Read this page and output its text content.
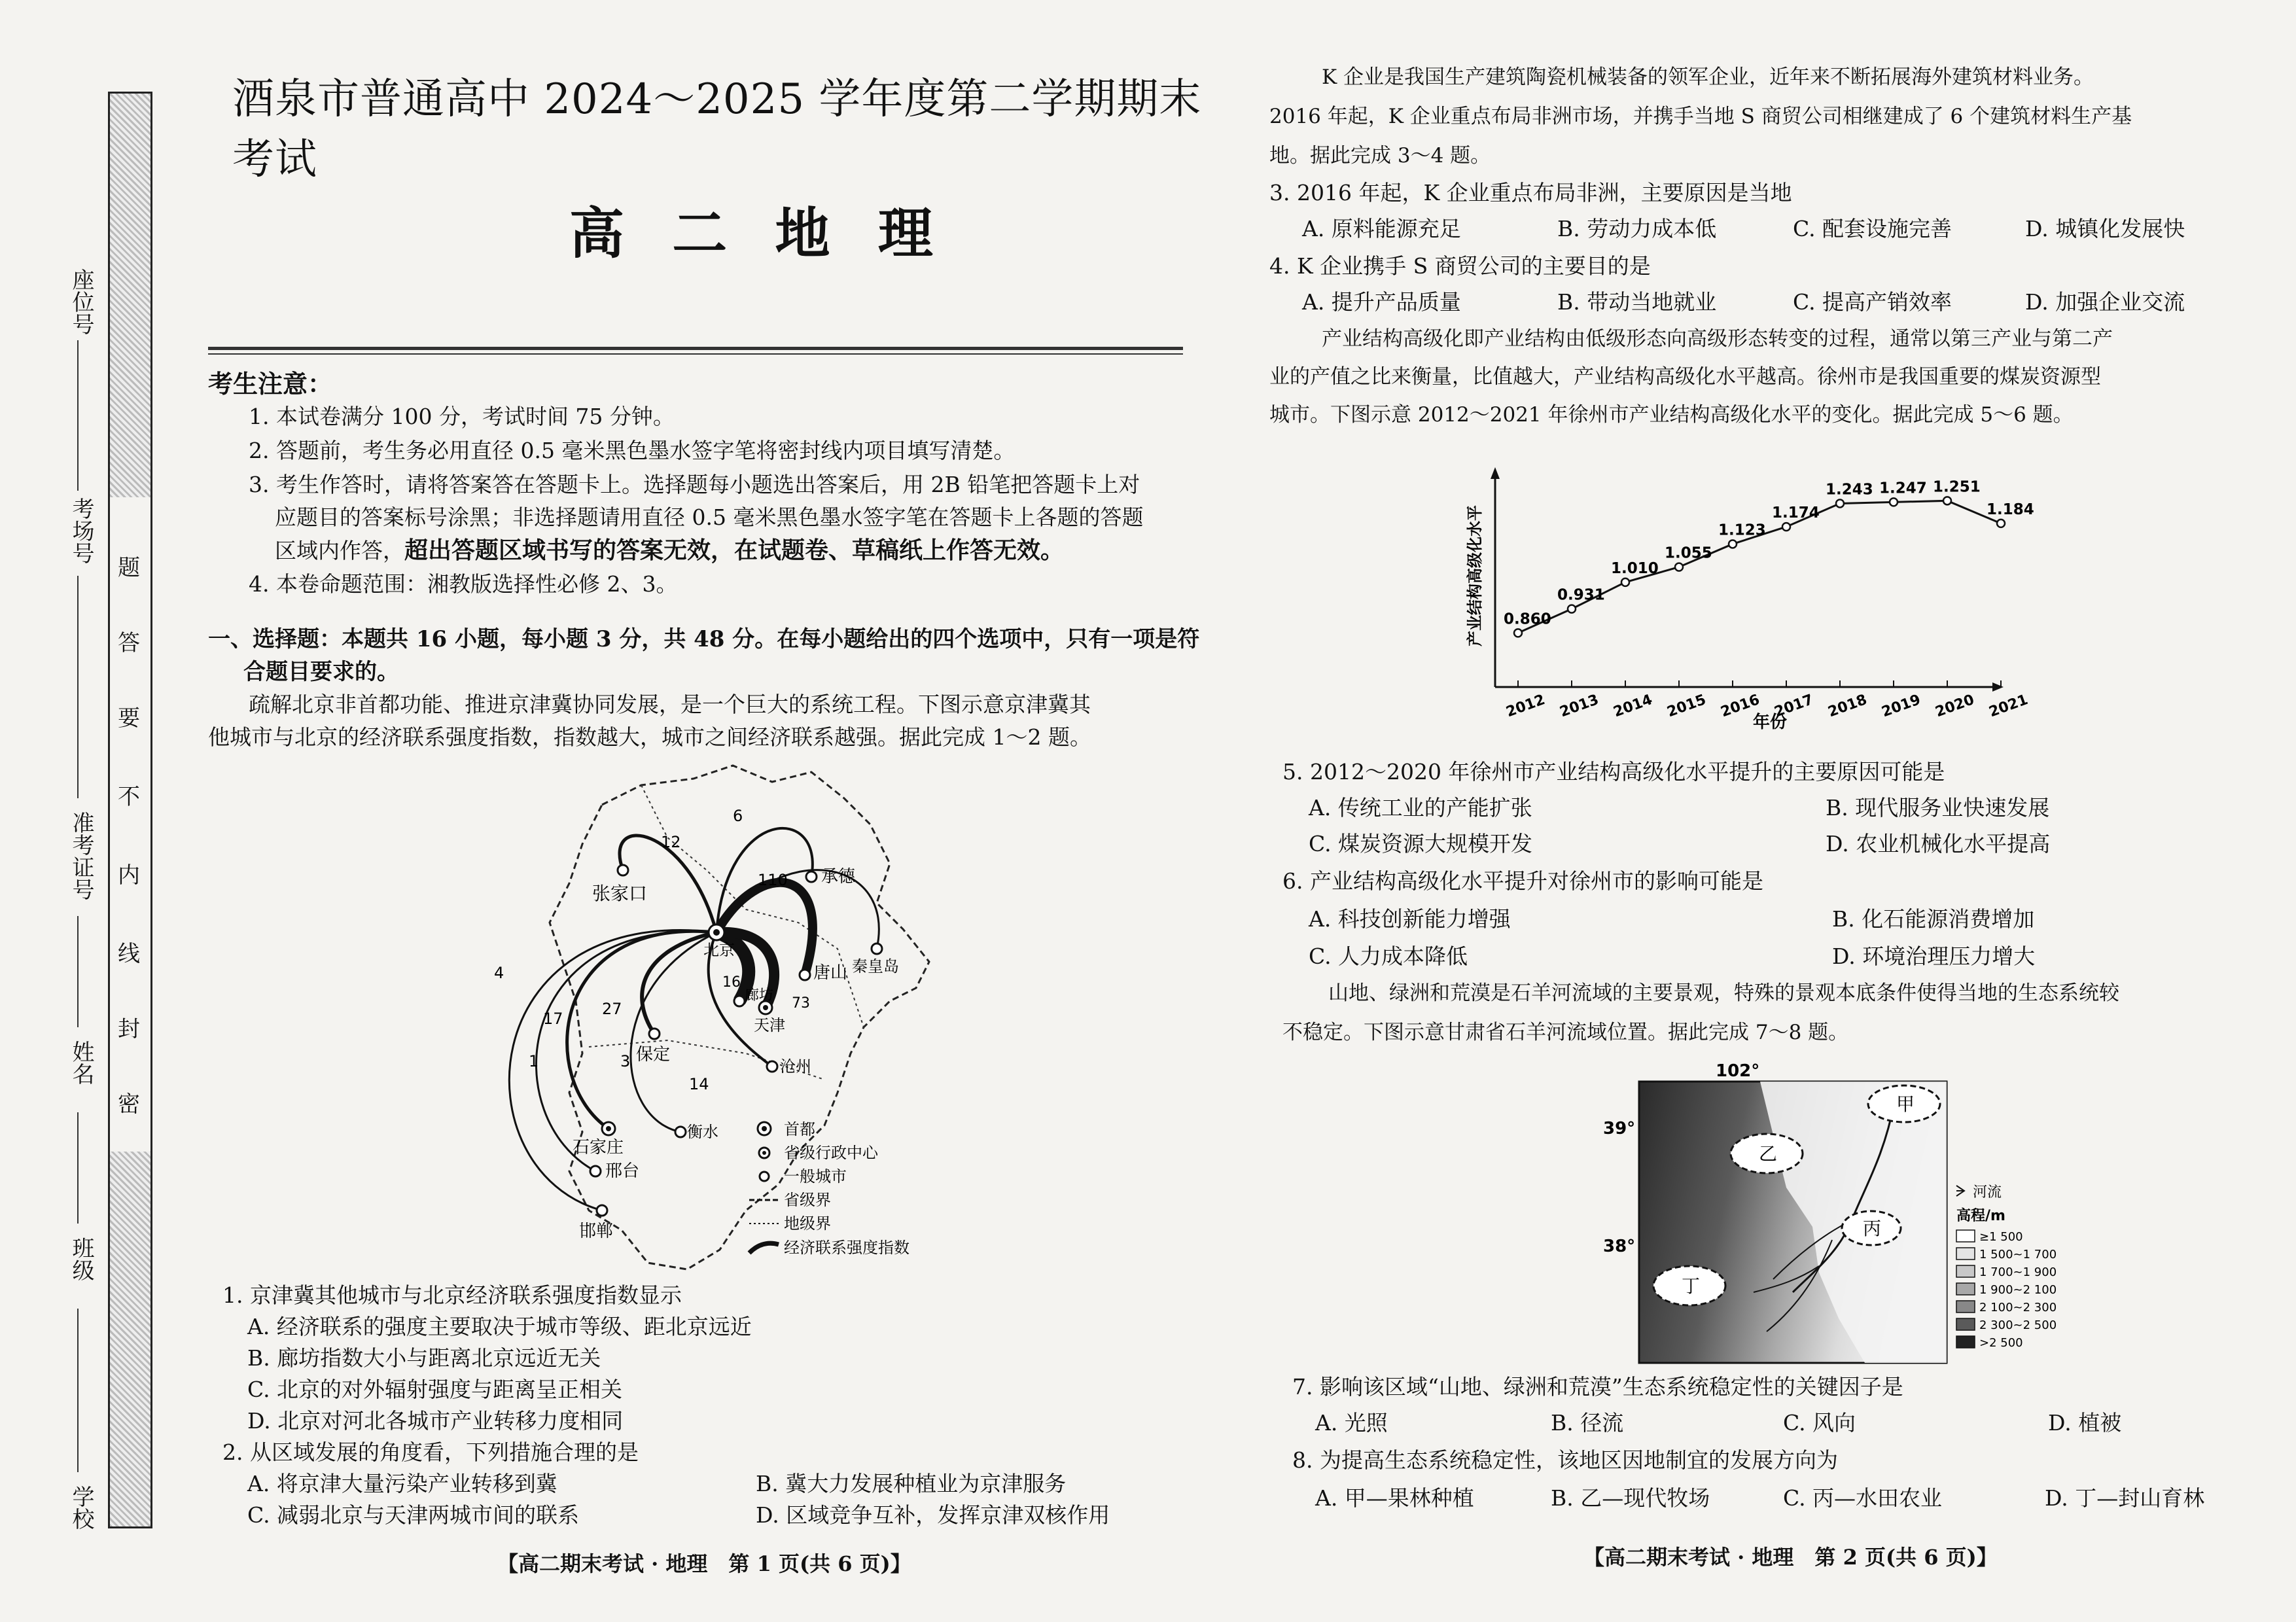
题
答
要
不
内
线
封
密
座位号
考场号
准考证号
姓名
班级
学校
酒泉市普通高中 2024～2025 学年度第二学期期末考试
高 二 地 理
考生注意：
1. 本试卷满分 100 分，考试时间 75 分钟。
2. 答题前，考生务必用直径 0.5 毫米黑色墨水签字笔将密封线内项目填写清楚。
3. 考生作答时，请将答案答在答题卡上。选择题每小题选出答案后，用 2B 铅笔把答题卡上对
应题目的答案标号涂黑；非选择题请用直径 0.5 毫米黑色墨水签字笔在答题卡上各题的答题
区域内作答，超出答题区域书写的答案无效，在试题卷、草稿纸上作答无效。
4. 本卷命题范围：湘教版选择性必修 2、3。
一、选择题：本题共 16 小题，每小题 3 分，共 48 分。在每小题给出的四个选项中，只有一项是符
合题目要求的。
疏解北京非首都功能、推进京津冀协同发展，是一个巨大的系统工程。下图示意京津冀其
他城市与北京的经济联系强度指数，指数越大，城市之间经济联系越强。据此完成 1～2 题。
张家口
承德
北京
唐山 秦皇岛
廊坊
天津
保定
沧州
石家庄
衡水
邢台
邯郸
6
12
110
73
4
17
27
16
1	3
14
首都
省级行政中心
一般城市
省级界
地级界
经济联系强度指数
1. 京津冀其他城市与北京经济联系强度指数显示
A. 经济联系的强度主要取决于城市等级、距北京远近
B. 廊坊指数大小与距离北京远近无关
C. 北京的对外辐射强度与距离呈正相关
D. 北京对河北各城市产业转移力度相同
2. 从区域发展的角度看，下列措施合理的是
A. 将京津大量污染产业转移到冀	B. 冀大力发展种植业为京津服务
C. 减弱北京与天津两城市间的联系	D. 区域竞争互补，发挥京津双核作用
【高二期末考试 · 地理　第 1 页(共 6 页)】
K 企业是我国生产建筑陶瓷机械装备的领军企业，近年来不断拓展海外建筑材料业务。
2016 年起，K 企业重点布局非洲市场，并携手当地 S 商贸公司相继建成了 6 个建筑材料生产基
地。据此完成 3～4 题。
3. 2016 年起，K 企业重点布局非洲，主要原因是当地
A. 原料能源充足	B. 劳动力成本低	C. 配套设施完善	D. 城镇化发展快
4. K 企业携手 S 商贸公司的主要目的是
A. 提升产品质量	B. 带动当地就业	C. 提高产销效率	D. 加强企业交流
产业结构高级化即产业结构由低级形态向高级形态转变的过程，通常以第三产业与第二产
业的产值之比来衡量，比值越大，产业结构高级化水平越高。徐州市是我国重要的煤炭资源型
城市。下图示意 2012～2021 年徐州市产业结构高级化水平的变化。据此完成 5～6 题。
产业结构高级化水平
年份
0.860
2012
0.931
2013
1.010
2014
1.055
2015
1.123
2016
1.174
2017
1.243
2018
1.247
2019
1.251
2020
1.184
2021
5. 2012～2020 年徐州市产业结构高级化水平提升的主要原因可能是
A. 传统工业的产能扩张	B. 现代服务业快速发展
C. 煤炭资源大规模开发	D. 农业机械化水平提高
6. 产业结构高级化水平提升对徐州市的影响可能是
A. 科技创新能力增强	B. 化石能源消费增加
C. 人力成本降低	D. 环境治理压力增大
山地、绿洲和荒漠是石羊河流域的主要景观，特殊的景观本底条件使得当地的生态系统较
不稳定。下图示意甘肃省石羊河流域位置。据此完成 7～8 题。
102°
39°
38°
甲
乙
丙
丁
河流
高程/m
≥1 500
1 500~1 700
1 700~1 900
1 900~2 100
2 100~2 300
2 300~2 500
>2 500
7. 影响该区域“山地、绿洲和荒漠”生态系统稳定性的关键因子是
A. 光照	B. 径流	C. 风向	D. 植被
8. 为提高生态系统稳定性，该地区因地制宜的发展方向为
A. 甲—果林种植	B. 乙—现代牧场	C. 丙—水田农业	D. 丁—封山育林
【高二期末考试 · 地理　第 2 页(共 6 页)】
